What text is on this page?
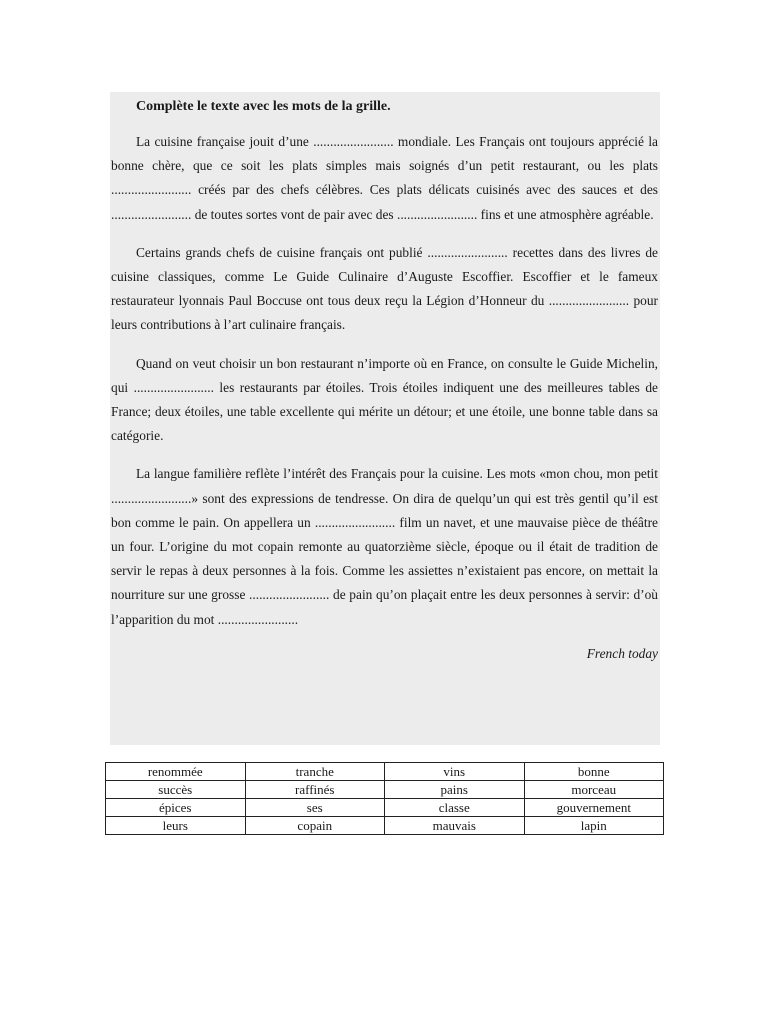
Complète le texte avec les mots de la grille.

La cuisine française jouit d’une ........................ mondiale. Les Français ont toujours apprécié la bonne chère, que ce soit les plats simples mais soignés d’un petit restaurant, ou les plats ........................ créés par des chefs célèbres. Ces plats délicats cuisinés avec des sauces et des ........................ de toutes sortes vont de pair avec des ........................ fins et une atmosphère agréable.

Certains grands chefs de cuisine français ont publié ........................ recettes dans des livres de cuisine classiques, comme Le Guide Culinaire d’Auguste Escoffier. Escoffier et le fameux restaurateur lyonnais Paul Boccuse ont tous deux reçu la Légion d’Honneur du ........................ pour leurs contributions à l’art culinaire français.

Quand on veut choisir un bon restaurant n’importe où en France, on consulte le Guide Michelin, qui ........................ les restaurants par étoiles. Trois étoiles indiquent une des meilleures tables de France; deux étoiles, une table excellente qui mérite un détour; et une étoile, une bonne table dans sa catégorie.

La langue familière reflète l’intérêt des Français pour la cuisine. Les mots «mon chou, mon petit ........................» sont des expressions de tendresse. On dira de quelqu’un qui est très gentil qu’il est bon comme le pain. On appellera un ........................ film un navet, et une mauvaise pièce de théâtre un four. L’origine du mot copain remonte au quatorzième siècle, époque ou il était de tradition de servir le repas à deux personnes à la fois. Comme les assiettes n’existaient pas encore, on mettait la nourriture sur une grosse ........................ de pain qu’on plaçait entre les deux personnes à servir: d’où l’apparition du mot ........................

French today

renommée	tranche	vins	bonne
succès	raffinés	pains	morceau
épices	ses	classe	gouvernement
leurs	copain	mauvais	lapin
